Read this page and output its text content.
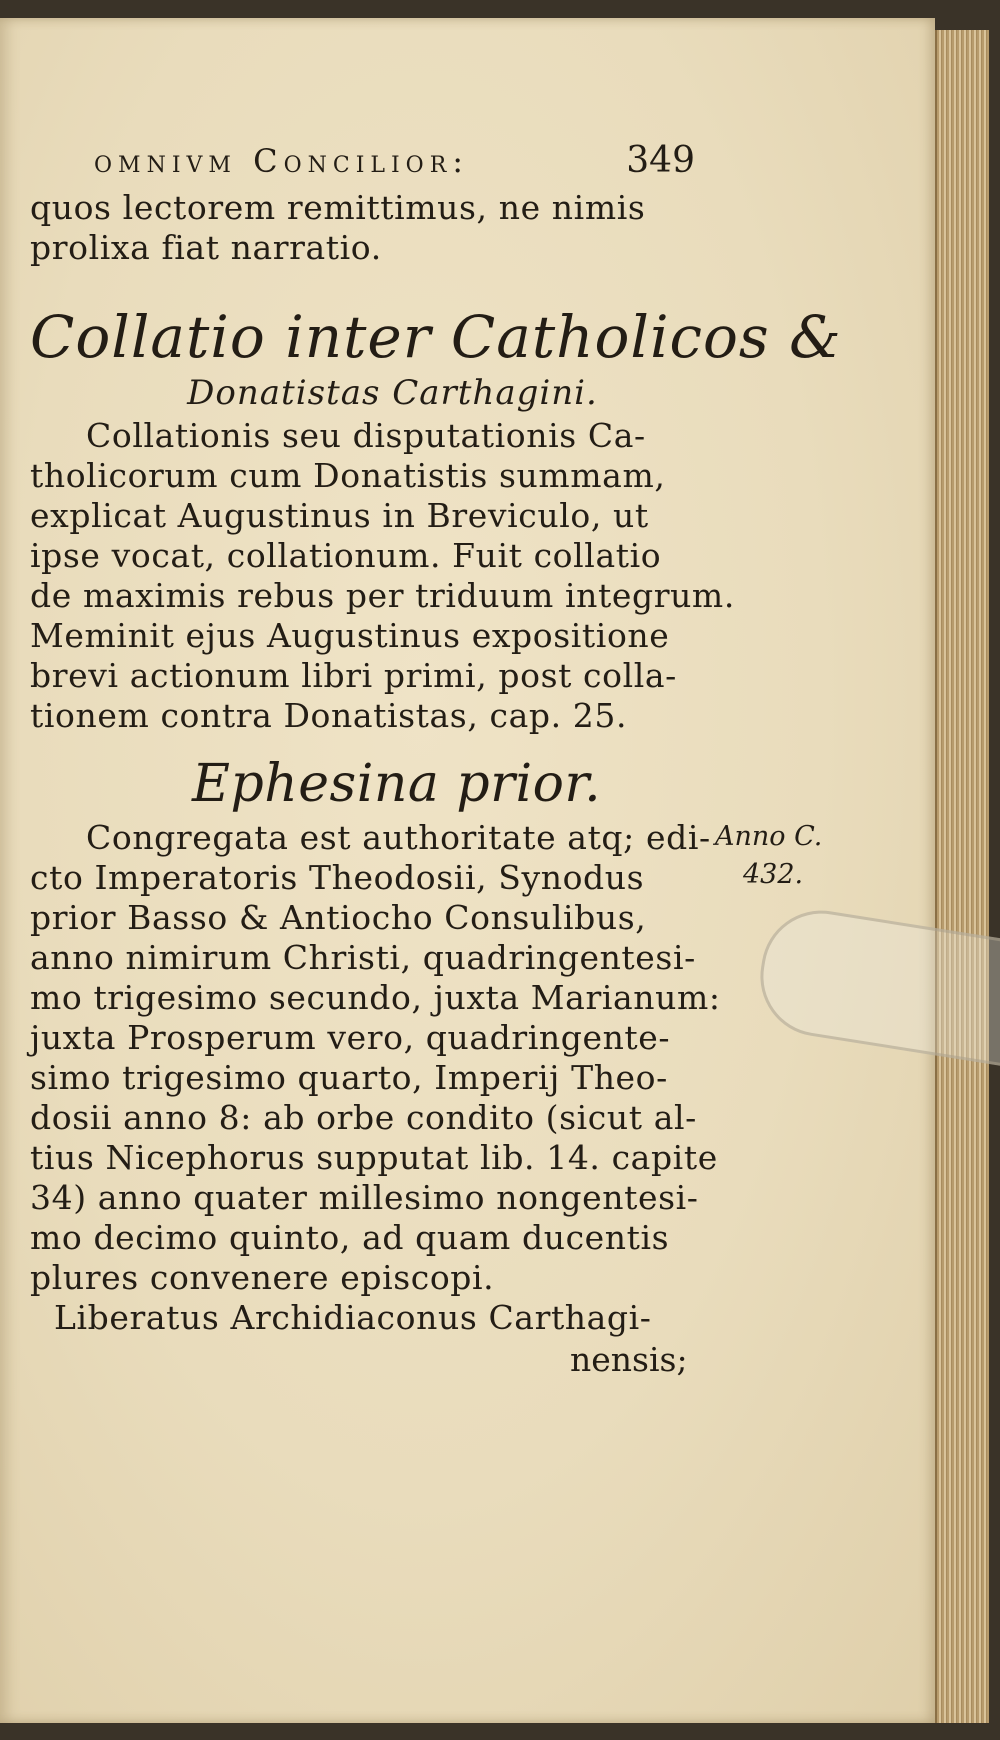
omnivm Concilior:	349
quos lectorem remittimus, ne nimis
prolixa fiat narratio.
Collatio inter Catholicos &
Donatistas Carthagini.
Collationis seu disputationis Ca-
tholicorum cum Donatistis summam,
explicat Augustinus in Breviculo, ut
ipse vocat, collationum. Fuit collatio
de maximis rebus per triduum integrum.
Meminit ejus Augustinus expositione
brevi actionum libri primi, post colla-
tionem contra Donatistas, cap. 25.
Ephesina prior.
Congregata est authoritate atq; edi-
cto Imperatoris Theodosii, Synodus
prior Basso & Antiocho Consulibus,
anno nimirum Christi, quadringentesi-
mo trigesimo secundo, juxta Marianum:
juxta Prosperum vero, quadringente-
simo trigesimo quarto, Imperij Theo-
dosii anno 8: ab orbe condito (sicut al-
tius Nicephorus supputat lib. 14. capite
34) anno quater millesimo nongentesi-
mo decimo quinto, ad quam ducentis
plures convenere episcopi.
Liberatus Archidiaconus Carthagi-
nensis;
Anno C.
432.
